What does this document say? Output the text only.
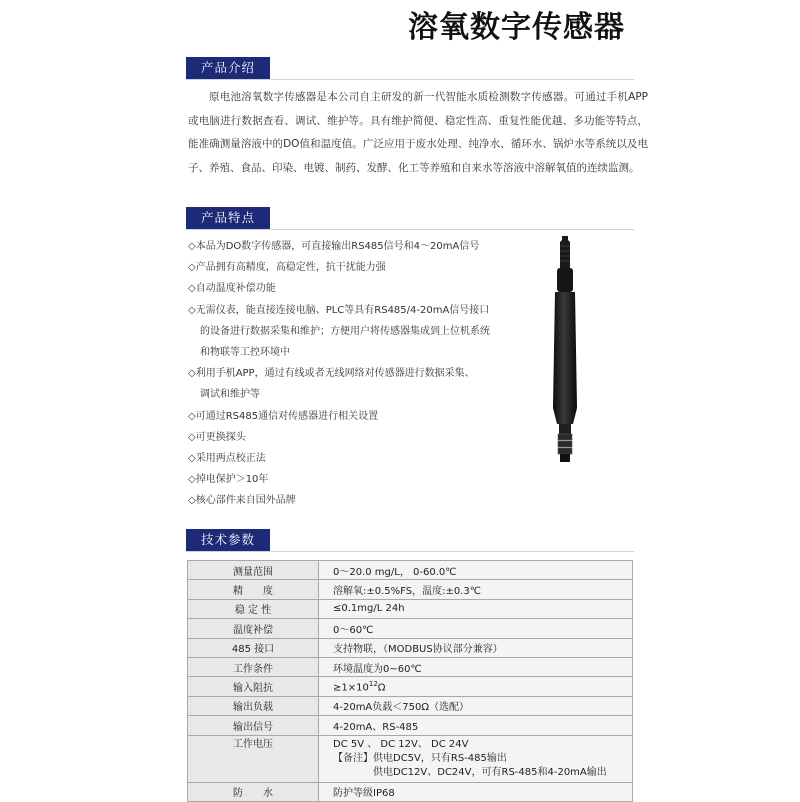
溶氧数字传感器
产品介绍

原电池溶氧数字传感器是本公司自主研发的新一代智能水质检测数字传感器。可通过手机APP或电脑进行数据查看、调试、维护等。具有维护简便、稳定性高、重复性能优越、多功能等特点，能准确测量溶液中的DO值和温度值。广泛应用于废水处理、纯净水、循环水、锅炉水等系统以及电子、养殖、食品、印染、电镀、制药、发酵、化工等养殖和自来水等溶液中溶解氧值的连续监测。

产品特点
◇本品为DO数字传感器，可直接输出RS485信号和4～20mA信号
◇产品拥有高精度，高稳定性，抗干扰能力强
◇自动温度补偿功能
◇无需仪表，能直接连接电脑、PLC等具有RS485/4-20mA信号接口
的设备进行数据采集和维护；方便用户将传感器集成到上位机系统
和物联等工控环境中
◇利用手机APP，通过有线或者无线网络对传感器进行数据采集、
调试和维护等
◇可通过RS485通信对传感器进行相关设置
◇可更换探头
◇采用两点校正法
◇掉电保护＞10年
◇核心部件来自国外品牌
技术参数
测量范围	0～20.0 mg/L， 0-60.0℃
精　　度	溶解氧:±0.5%FS，温度:±0.3℃
稳 定 性	≤0.1mg/L 24h
温度补偿	0～60℃
485 接口	支持物联，（MODBUS协议部分兼容）
工作条件	环境温度为0~60℃
输入阻抗	$\ge 1\times 10^{12}\Omega$
输出负载	4-20mA负载＜750Ω（选配）
输出信号	4-20mA、RS-485
工作电压	DC 5V 、 DC 12V、 DC 24V
【备注】供电DC5V，只有RS-485输出
　　　　供电DC12V、DC24V，可有RS-485和4-20mA输出

防　　水	防护等级IP68
